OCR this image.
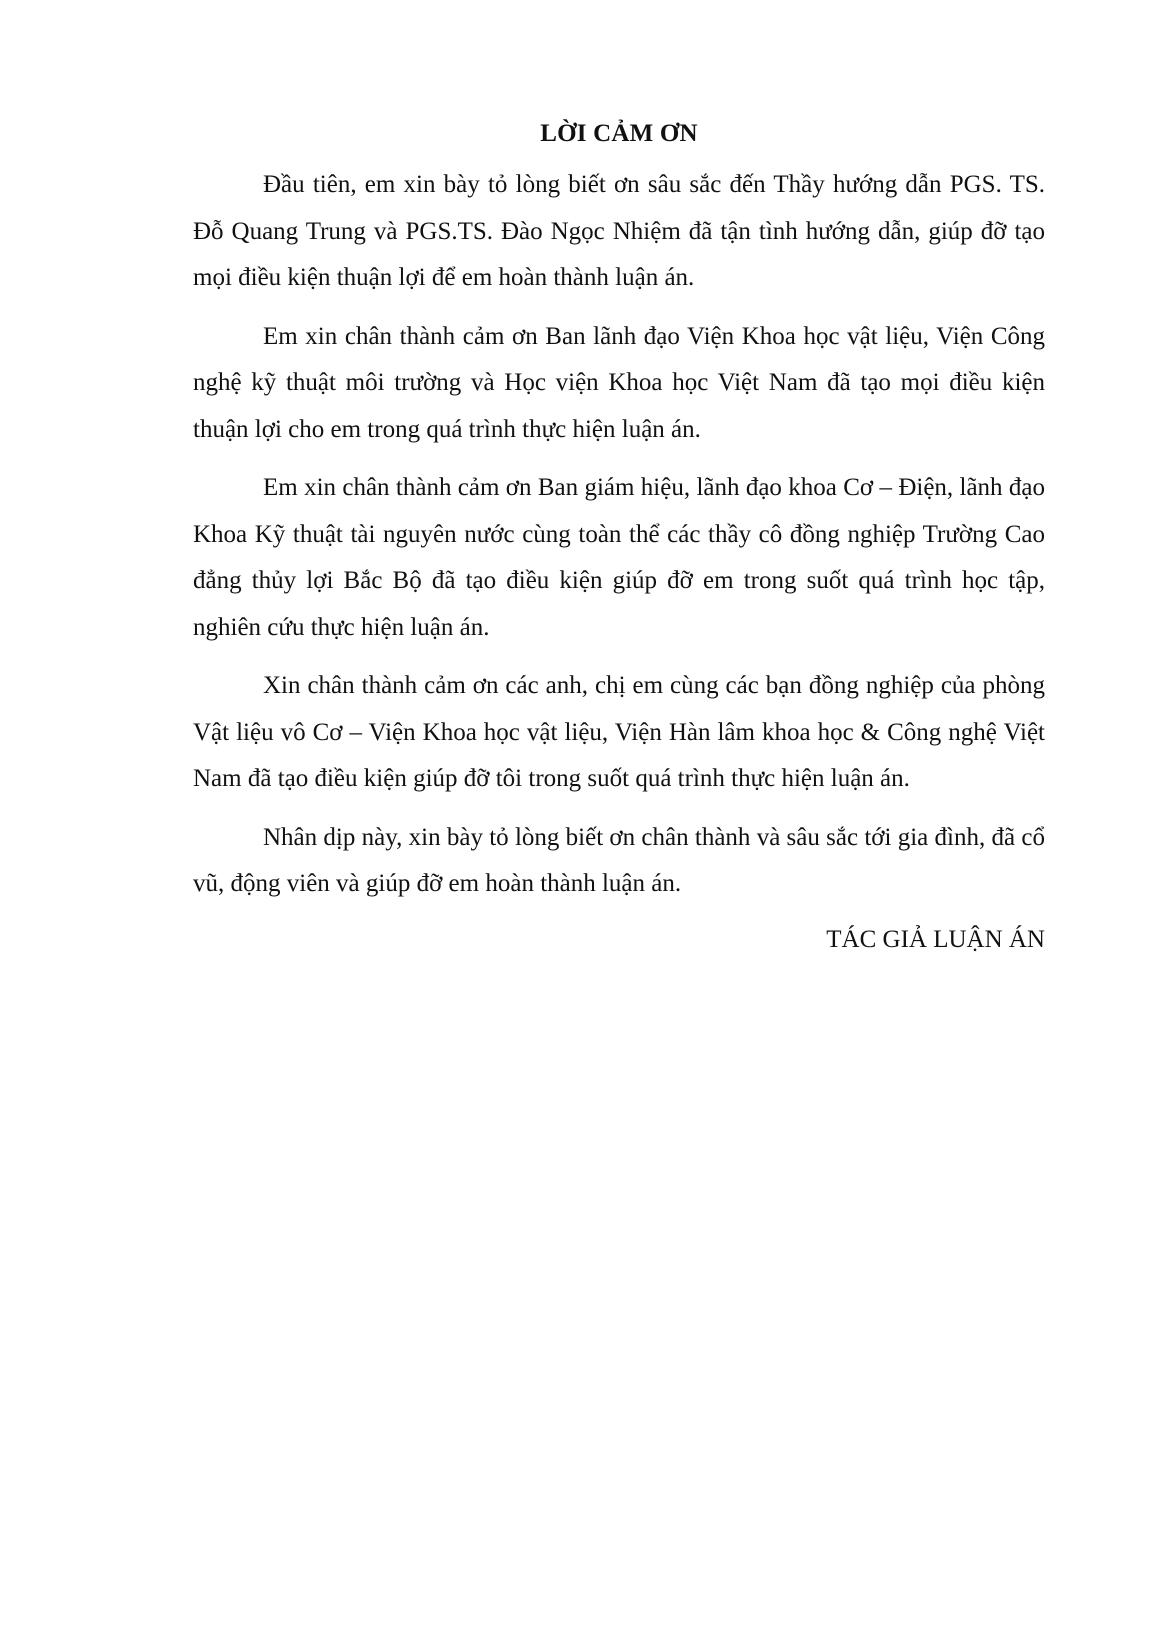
LỜI CẢM ƠN

Đầu tiên, em xin bày tỏ lòng biết ơn sâu sắc đến Thầy hướng dẫn PGS. TS. Đỗ Quang Trung và PGS.TS. Đào Ngọc Nhiệm đã tận tình hướng dẫn, giúp đỡ tạo mọi điều kiện thuận lợi để em hoàn thành luận án.

Em xin chân thành cảm ơn Ban lãnh đạo Viện Khoa học vật liệu, Viện Công nghệ kỹ thuật môi trường và Học viện Khoa học Việt Nam đã tạo mọi điều kiện thuận lợi cho em trong quá trình thực hiện luận án.

Em xin chân thành cảm ơn Ban giám hiệu, lãnh đạo khoa Cơ – Điện, lãnh đạo Khoa Kỹ thuật tài nguyên nước cùng toàn thể các thầy cô đồng nghiệp Trường Cao đẳng thủy lợi Bắc Bộ đã tạo điều kiện giúp đỡ em trong suốt quá trình học tập, nghiên cứu thực hiện luận án.

Xin chân thành cảm ơn các anh, chị em cùng các bạn đồng nghiệp của phòng Vật liệu vô Cơ – Viện Khoa học vật liệu, Viện Hàn lâm khoa học & Công nghệ Việt Nam đã tạo điều kiện giúp đỡ tôi trong suốt quá trình thực hiện luận án.

Nhân dịp này, xin bày tỏ lòng biết ơn chân thành và sâu sắc tới gia đình, đã cổ vũ, động viên và giúp đỡ em hoàn thành luận án.

TÁC GIẢ LUẬN ÁN
